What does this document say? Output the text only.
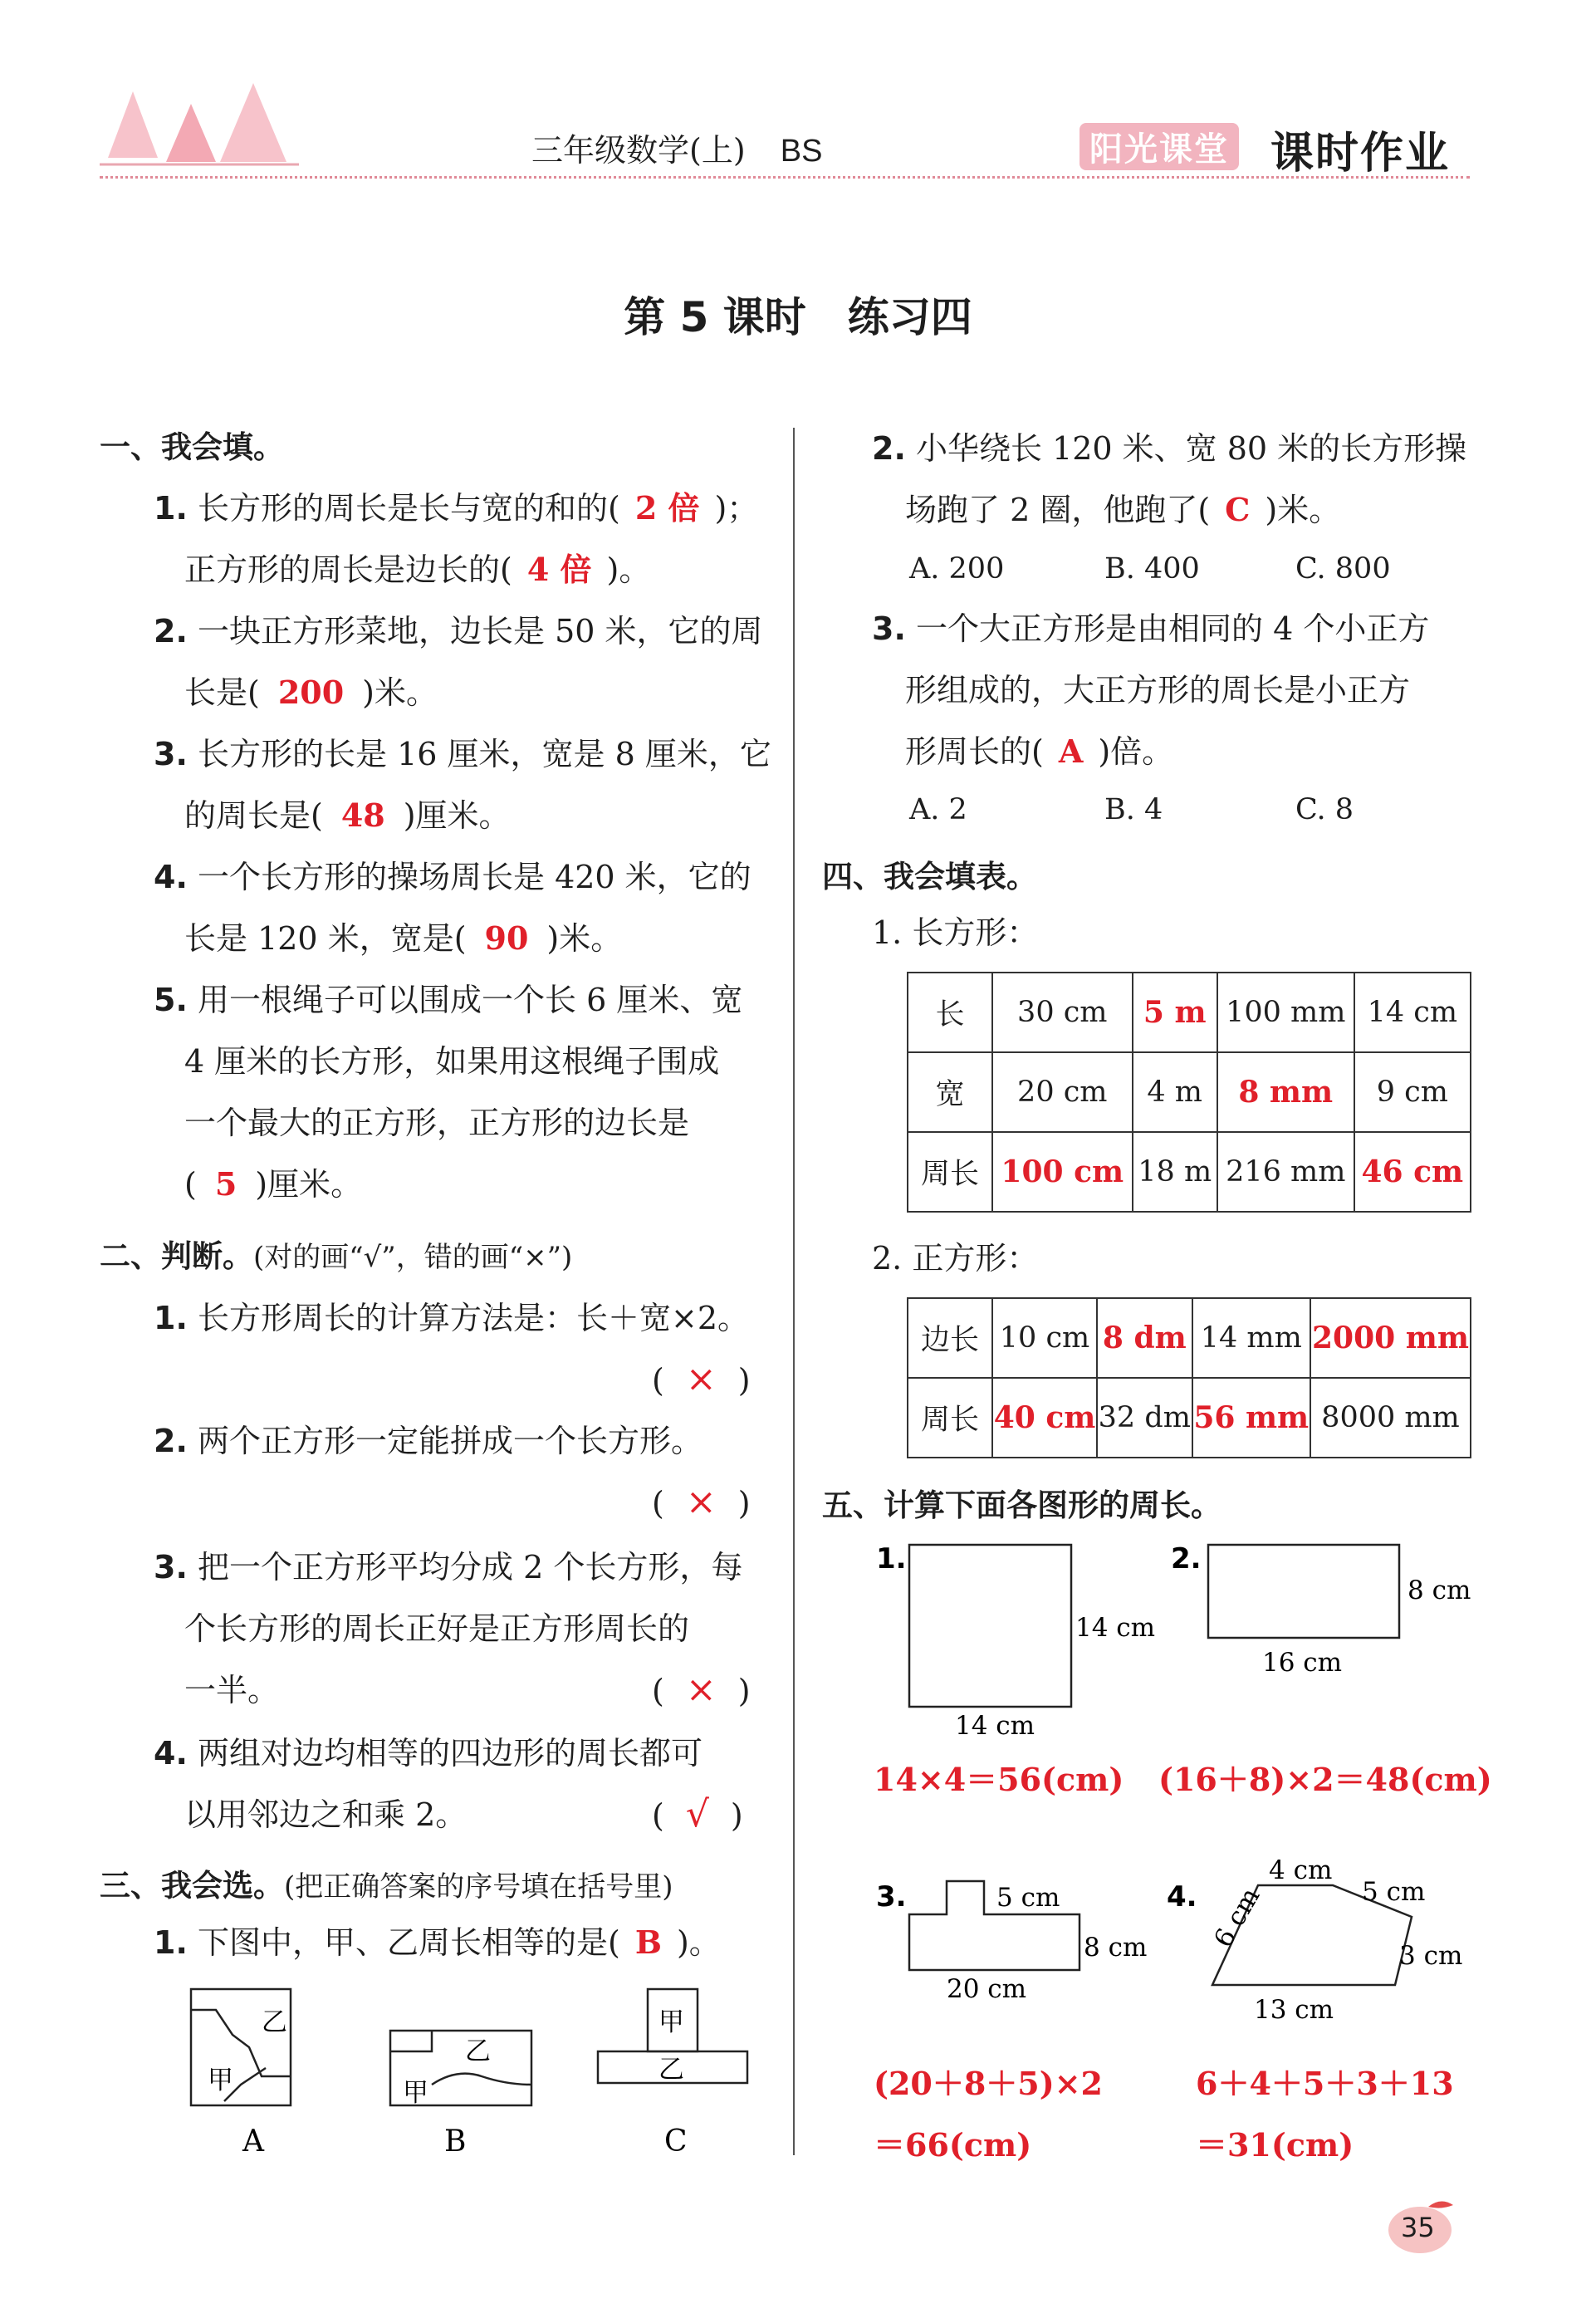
三年级数学(上) BS	阳光课堂 课时作业
第 5 课时　练习四
一、我会填。
1. 长方形的周长是长与宽的和的( 2 倍 )；
正方形的周长是边长的( 4 倍 )。
2. 一块正方形菜地，边长是 50 米，它的周
长是( 200 )米。
3. 长方形的长是 16 厘米，宽是 8 厘米，它
的周长是( 48 )厘米。
4. 一个长方形的操场周长是 420 米，它的
长是 120 米，宽是( 90 )米。
5. 用一根绳子可以围成一个长 6 厘米、宽
4 厘米的长方形，如果用这根绳子围成
一个最大的正方形，正方形的边长是
( 5 )厘米。
二、判断。(对的画“√”，错的画“×”)
1. 长方形周长的计算方法是：长＋宽×2。
( × )
2. 两个正方形一定能拼成一个长方形。
( × )
3. 把一个正方形平均分成 2 个长方形，每
个长方形的周长正好是正方形周长的
一半。	( × )
4. 两组对边均相等的四边形的周长都可
以用邻边之和乘 2。	( √ )
三、我会选。(把正确答案的序号填在括号里)
1. 下图中，甲、乙周长相等的是( B )。
甲
乙
甲
乙
甲
乙
A	B	C
2. 小华绕长 120 米、宽 80 米的长方形操
场跑了 2 圈，他跑了( C )米。
A. 200	B. 400	C. 800
3. 一个大正方形是由相同的 4 个小正方
形组成的，大正方形的周长是小正方
形周长的( A )倍。
A. 2	B. 4	C. 8
四、我会填表。
1. 长方形：
长	30 cm	5 m	100 mm	14 cm
宽	20 cm	4 m	8 mm	9 cm
周长	100 cm	18 m	216 mm	46 cm
2. 正方形：
边长	10 cm	8 dm	14 mm	2000 mm
周长	40 cm	32 dm	56 mm	8000 mm
五、计算下面各图形的周长。
1.
14 cm
14 cm
2.
8 cm
16 cm
3.	5 cm
8 cm
20 cm
4.
4 cm
5 cm
6 cm
3 cm
13 cm
14×4＝56(cm) (16＋8)×2＝48(cm)
(20＋8＋5)×2
＝66(cm)
6＋4＋5＋3＋13
＝31(cm)
35
